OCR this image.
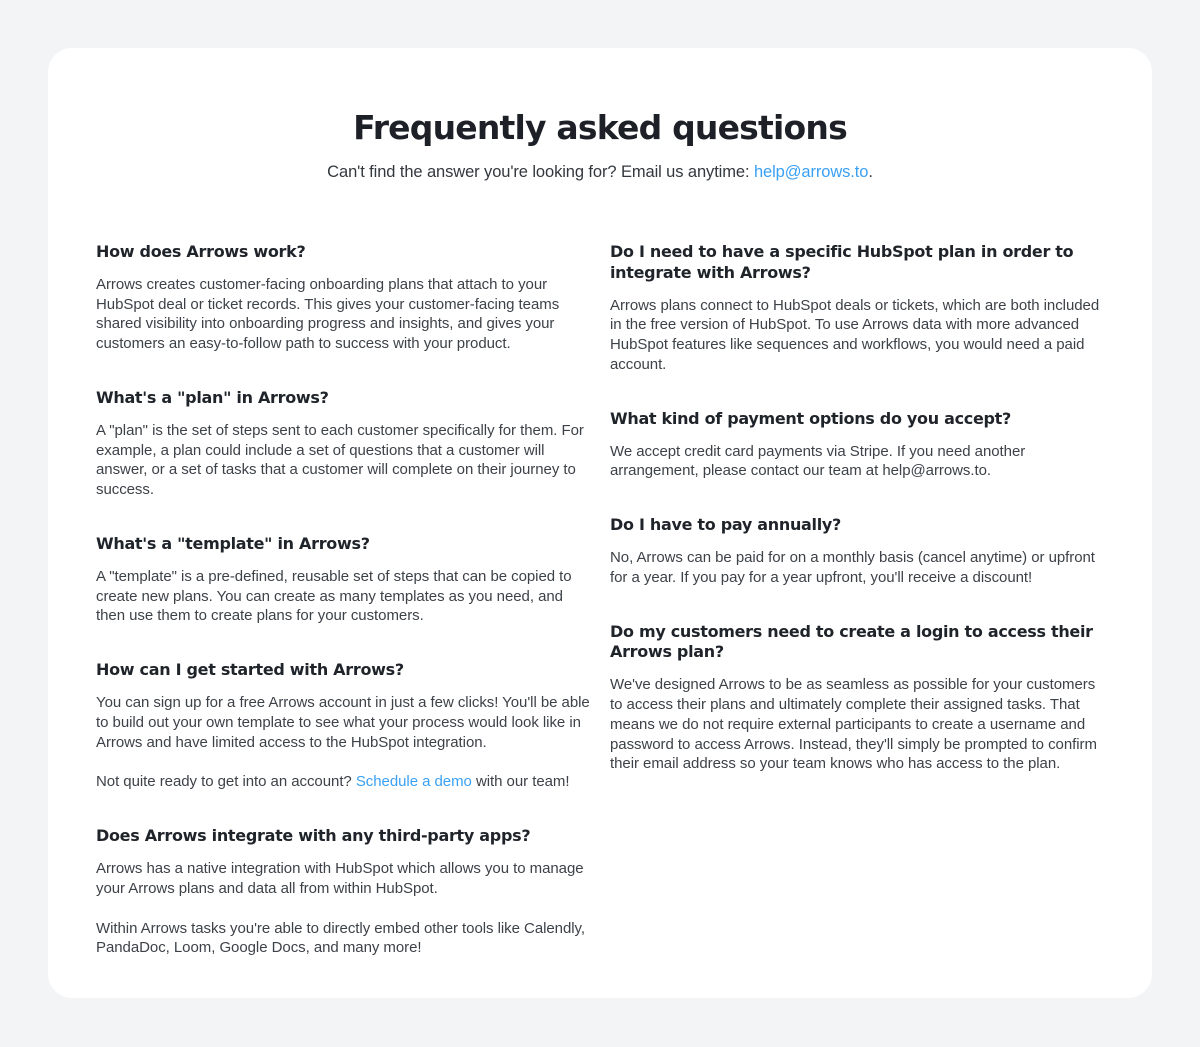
Frequently asked questions

Can't find the answer you're looking for? Email us anytime: help@arrows.to.

How does Arrows work?

Arrows creates customer-facing onboarding plans that attach to your HubSpot deal or ticket records. This gives your customer-facing teams shared visibility into onboarding progress and insights, and gives your customers an easy-to-follow path to success with your product.

What's a "plan" in Arrows?

A "plan" is the set of steps sent to each customer specifically for them. For example, a plan could include a set of questions that a customer will answer, or a set of tasks that a customer will complete on their journey to success.

What's a "template" in Arrows?

A "template" is a pre-defined, reusable set of steps that can be copied to create new plans. You can create as many templates as you need, and then use them to create plans for your customers.

How can I get started with Arrows?

You can sign up for a free Arrows account in just a few clicks! You'll be able to build out your own template to see what your process would look like in Arrows and have limited access to the HubSpot integration.

Not quite ready to get into an account? Schedule a demo with our team!

Does Arrows integrate with any third-party apps?

Arrows has a native integration with HubSpot which allows you to manage your Arrows plans and data all from within HubSpot.

Within Arrows tasks you're able to directly embed other tools like Calendly, PandaDoc, Loom, Google Docs, and many more!

Do I need to have a specific HubSpot plan in order to integrate with Arrows?

Arrows plans connect to HubSpot deals or tickets, which are both included in the free version of HubSpot. To use Arrows data with more advanced HubSpot features like sequences and workflows, you would need a paid account.

What kind of payment options do you accept?

We accept credit card payments via Stripe. If you need another arrangement, please contact our team at help@arrows.to.

Do I have to pay annually?

No, Arrows can be paid for on a monthly basis (cancel anytime) or upfront for a year. If you pay for a year upfront, you'll receive a discount!

Do my customers need to create a login to access their Arrows plan?

We've designed Arrows to be as seamless as possible for your customers to access their plans and ultimately complete their assigned tasks. That means we do not require external participants to create a username and password to access Arrows. Instead, they'll simply be prompted to confirm their email address so your team knows who has access to the plan.
